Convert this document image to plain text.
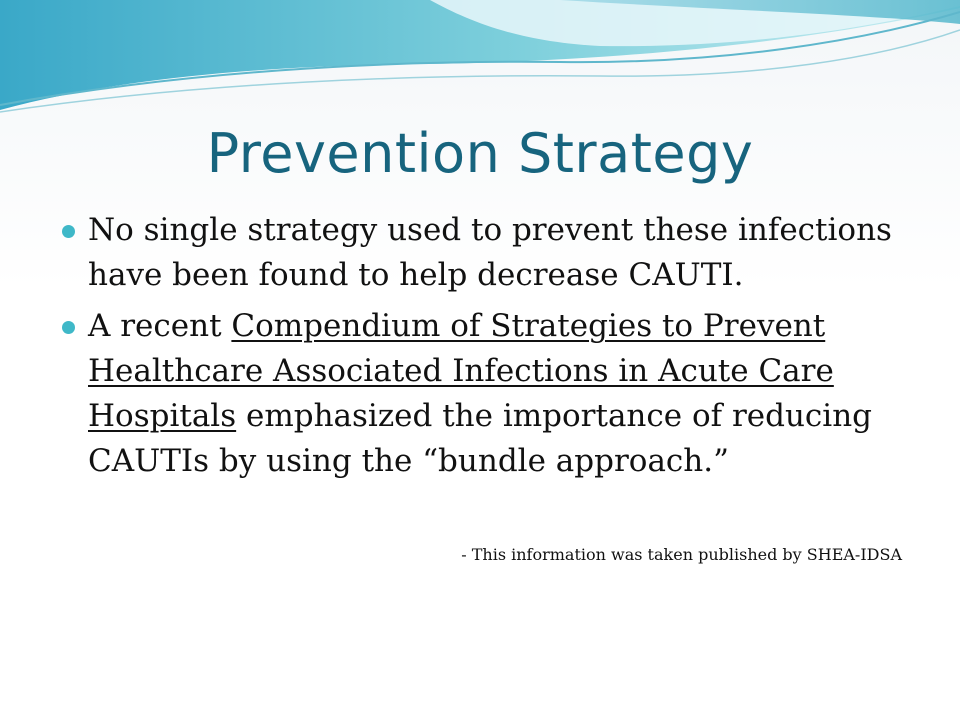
Prevention Strategy
No single strategy used to prevent these infections have been found to help decrease CAUTI.
A recent Compendium of Strategies to Prevent Healthcare Associated Infections in Acute Care Hospitals emphasized the importance of reducing CAUTIs by using the “bundle approach.”
- This information was taken published by SHEA-IDSA
